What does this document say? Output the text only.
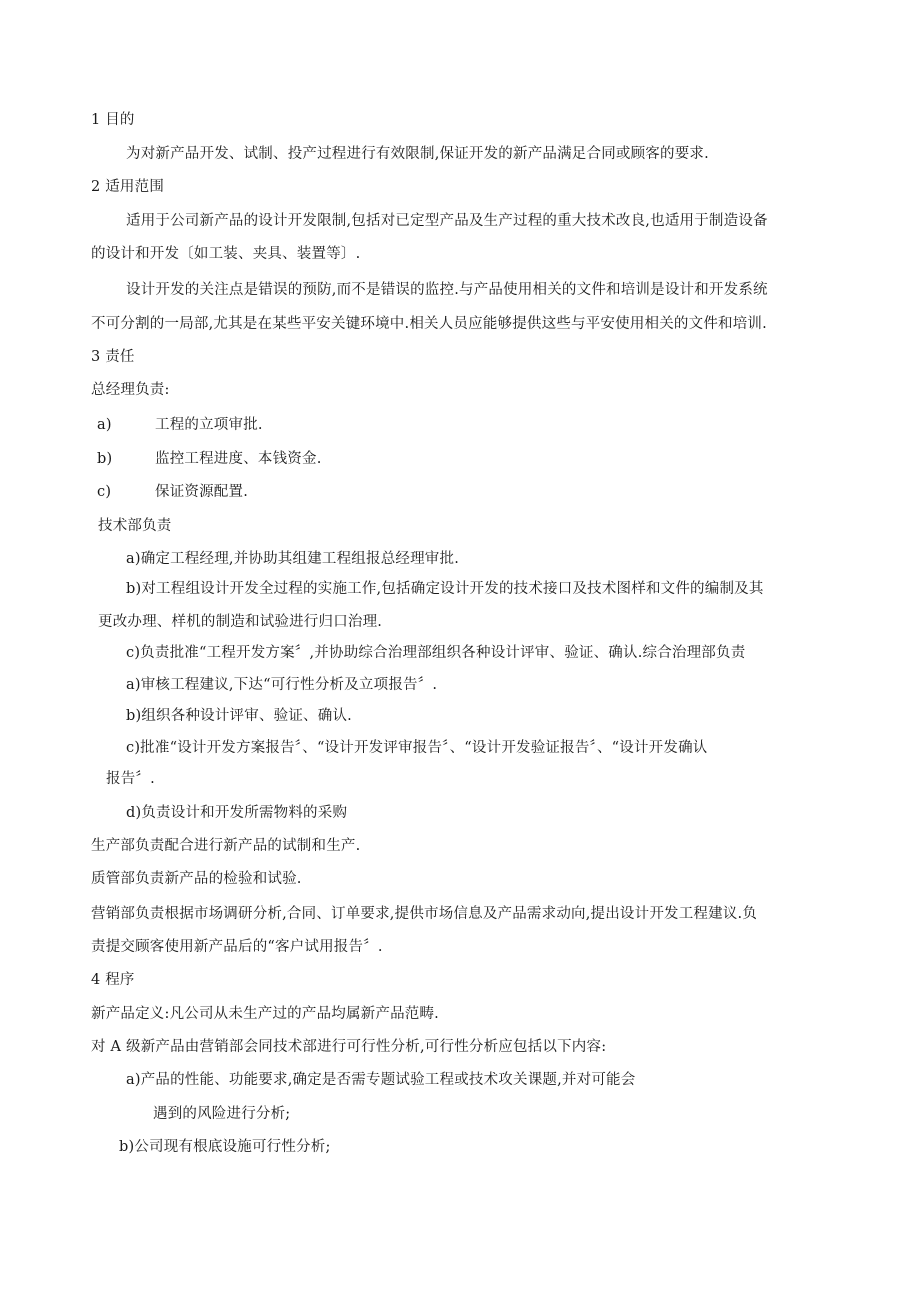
1 目的
为对新产品开发、试制、投产过程进行有效限制,保证开发的新产品满足合同或顾客的要求.
2 适用范围
适用于公司新产品的设计开发限制,包括对已定型产品及生产过程的重大技术改良,也适用于制造设备
的设计和开发〔如工装、夹具、装置等〕.
设计开发的关注点是错误的预防,而不是错误的监控.与产品使用相关的文件和培训是设计和开发系统
不可分割的一局部,尤其是在某些平安关键环境中.相关人员应能够提供这些与平安使用相关的文件和培训.
3 责任
总经理负责:
a)	工程的立项审批.
b)	监控工程进度、本钱资金.
c)	保证资源配置.
技术部负责
a)确定工程经理,并协助其组建工程组报总经理审批.
b)对工程组设计开发全过程的实施工作,包括确定设计开发的技术接口及技术图样和文件的编制及其
更改办理、样机的制造和试验进行归口治理.
c)负责批准“工程开发方案〞,并协助综合治理部组织各种设计评审、验证、确认.综合治理部负责
a)审核工程建议,下达“可行性分析及立项报告〞.
b)组织各种设计评审、验证、确认.
c)批准“设计开发方案报告〞、“设计开发评审报告〞、“设计开发验证报告〞、“设计开发确认
报告〞.
d)负责设计和开发所需物料的采购
生产部负责配合进行新产品的试制和生产.
质管部负责新产品的检验和试验.
营销部负责根据市场调研分析,合同、订单要求,提供市场信息及产品需求动向,提出设计开发工程建议.负
责提交顾客使用新产品后的“客户试用报告〞.
4 程序
新产品定义:凡公司从未生产过的产品均属新产品范畴.
对 A 级新产品由营销部会同技术部进行可行性分析,可行性分析应包括以下内容:
a)产品的性能、功能要求,确定是否需专题试验工程或技术攻关课题,并对可能会
遇到的风险进行分析;
b)公司现有根底设施可行性分析;
